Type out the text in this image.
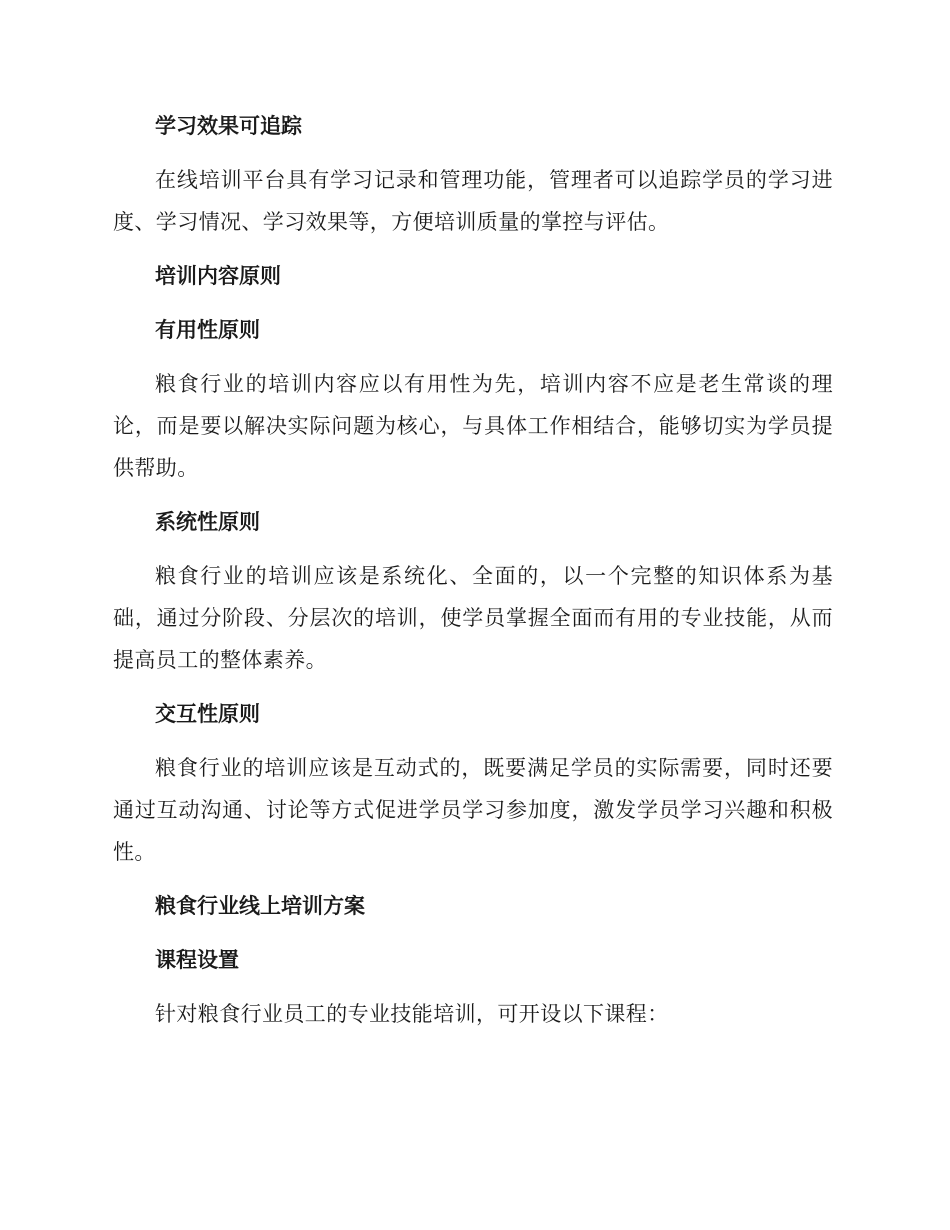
学习效果可追踪

在线培训平台具有学习记录和管理功能，管理者可以追踪学员的学习进度、学习情况、学习效果等，方便培训质量的掌控与评估。

培训内容原则
有用性原则

粮食行业的培训内容应以有用性为先，培训内容不应是老生常谈的理论，而是要以解决实际问题为核心，与具体工作相结合，能够切实为学员提供帮助。

系统性原则

粮食行业的培训应该是系统化、全面的，以一个完整的知识体系为基础，通过分阶段、分层次的培训，使学员掌握全面而有用的专业技能，从而提高员工的整体素养。

交互性原则

粮食行业的培训应该是互动式的，既要满足学员的实际需要，同时还要通过互动沟通、讨论等方式促进学员学习参加度，激发学员学习兴趣和积极性。

粮食行业线上培训方案
课程设置

针对粮食行业员工的专业技能培训，可开设以下课程：
